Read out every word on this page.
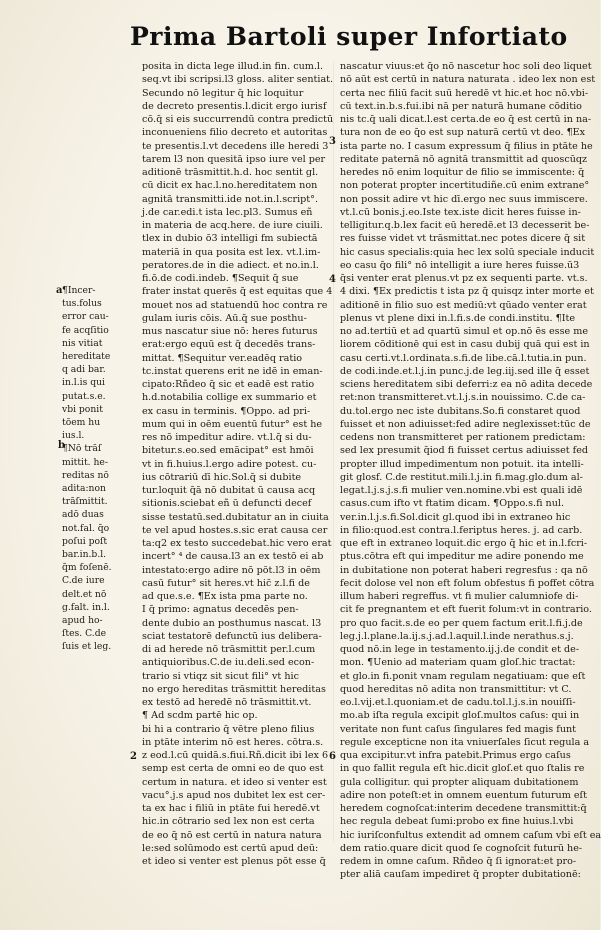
Prima Bartoli super Infortiato
posita in dicta lege illud.in fin. cum.l.
seq.vt ibi scripsi.l3 gloss. aliter sentiat.
Secundo nō legitur q̄ hic loquitur
de decreto presentis.l.dicit ergo iurisf
cō.q̄ si eis succurrendū contra predictū
inconueniens filio decreto et autoritas
te presentis.l.vt decedens ille heredi 3
tarem l3 non quesitā ipso iure vel per
aditionē trāsmittit.h.d. hoc sentit gl.
cū dicit ex hac.l.no.hereditatem non
agnitā transmitti.ide not.in.l.script°.
j.de car.edi.t ista lec.pl3. Sumus eñ
in materia de acq.here. de iure ciuili.
tlex in dubio ō3 intelligi fm subiectā
materiā in qua posita est lex. vt.l.im-
peratores.de in die adiect. et no.in.l.
fi.ō.de codi.indeb. ¶Sequit q̄ sue
frater instat querēs q̄ est equitas que 4
mouet nos ad statuendū hoc contra re
gulam iuris cōis. Aū.q̄ sue posthu-
mus nascatur siue nō: heres futurus
erat:ergo equū est q̄ decedēs trans-
mittat. ¶Sequitur ver.eadēq ratio
tc.instat querens erit ne idē in eman-
cipato:Rñdeo q̄ sic et eadē est ratio
h.d.notabilia collige ex summario et
ex casu in terminis. ¶Oppo. ad pri-
mum qui in oēm euentū futur° est he
res nō impeditur adire. vt.l.q̄ si du-
bitetur.s.eo.sed emācipat° est hmōi
vt in fi.huius.l.ergo adire potest. cu-
ius cōtrariū dī hic.Sol.q̄ si dubite
tur.loquit q̄ā nō dubitat ū causa acq
sitionis.sciebat eñ ū defuncti decef
sisse testatū.sed.dubitatur an in ciuita
te vel apud hostes.s.sic erat causa cer
ta:q2 ex testo succedebat.hic vero erat
incert° ⁴ de causa.l3 an ex testō ei ab
intestato:ergo adire nō pōt.l3 in oēm
casū futur° sit heres.vt hic̄ z.l.fi de
ad que.s.e. ¶Ex ista pma parte no.
I q̄ primo: agnatus decedēs pen-
dente dubio an posthumus nascat. l3
sciat testatorē defunctū ius delibera-
di ad herede nō trāsmittit per.l.cum
antiquioribus.C.de iu.deli.sed econ-
trario si vtiqz sit sicut fili° vt hic
no ergo hereditas trāsmittit hereditas
ex testō ad heredē nō trāsmittit.vt.
¶ Ad scdm partē hic op.
bi hi a contrario q̄ vētre pleno filius
in ptāte interim nō est heres. cōtra.s.
z eod.l.cū quidā.s.fiui.Rñ.dicit ibi lex 6
semp est certa de omni eo de quo est
certum in natura. et ideo si venter est
vacu°.j.s apud nos dubitet lex est cer-
ta ex hac i filiū in ptāte fui heredē.vt
hic.in cōtrario sed lex non est certa
de eo q̄ nō est certū in natura natura
le:sed solūmodo est certū apud deū:
et ideo si venter est plenus pōt esse q̄
nascatur viuus:et q̄o nō nascetur hoc soli deo liquet
nō aūt est certū in natura naturata . ideo lex non est
certa nec filiū facit suū heredē vt hic.et hoc nō.vbi-
cū text.in.b.s.fui.ibi nā per naturā humane cōditio
nis tc.q̄ uali dicat.l.est certa.de eo q̄ est certū in na-
tura non de eo q̄o est sup naturā certū vt deo. ¶Ex
ista parte no. I casum expressum q̄ filius in ptāte he
reditate paternā nō agnitā transmittit ad quoscūqz
heredes nō enim loquitur de filio se immiscente: q̄
non poterat propter incertitudiñe.cū enim extrane°
non possit adire vt hic dī.ergo nec suus immiscere.
vt.l.cū bonis.j.eo.Iste tex.iste dicit heres fuisse in-
telligitur.q.b.lex facit eū heredē.et l3 decesserit be-
res fuisse videt vt trāsmittat.nec potes dicere q̄ sit
hic casus specialis:quia hec lex solū speciale inducit
eo casu q̄o fili° nō intelligit a iure heres fuisse.ū3
q̄si venter erat plenus.vt pz ex sequenti parte. vt.s.
4 dixi. ¶Ex predictis t ista pz q̄ quisqz inter morte et
aditionē in filio suo est mediū:vt qūado venter erat
plenus vt plene dixi in.l.fi.s.de condi.institu. ¶Ite
no ad.tertiū et ad quartū simul et op.nō ēs esse me
liorem cōditionē qui est in casu dubij quā qui est in
casu certi.vt.l.ordinata.s.fi.de libe.cā.l.tutia.in pun.
de codi.inde.et.l.j.in punc.j.de leg.iij.sed ille q̄ esset
sciens hereditatem sibi deferri:z ea nō adita decede
ret:non transmitteret.vt.l.j.s.in nouissimo. C.de ca-
du.tol.ergo nec iste dubitans.So.fi constaret quod
fuisset et non adiuisset:fed adire neglexisset:tūc de
cedens non transmitteret per rationem predictam:
sed lex presumit q̄iod fi fuisset certus adiuisset fed
propter illud impedimentum non potuit. ita intelli-
git glosf. C.de restitut.mili.l.j.in fi.mag.glo.dum al-
legat.l.j.s.j.s.fi mulier ven.nomine.vbi est quali idē
casus.cum ifto vt ftatim dicam. ¶Oppo.s.fi nul.
ver.in.l.j.s.fi.Sol.dicit gl.quod ibi in extraneo hic
in filio:quod.est contra.l.feriptus heres. j. ad carb.
que eft in extraneo loquit.dic ergo q̄ hic et in.l.fcri-
ptus.cōtra eft qui impeditur me adire ponendo me
in dubitatione non poterat haberi regresfus : qa nō
fecit dolose vel non eft folum obfestus fi poffet cōtra
illum haberi regreffus. vt fi mulier calumniofe di-
cit fe pregnantem et eft fuerit folum:vt in contrario.
pro quo facit.s.de eo per quem factum erit.l.fi.j.de
leg.j.l.plane.la.ij.s.j.ad.l.aquil.l.inde nerathus.s.j.
quod nō.in lege in testamento.ij.j.de condit et de-
mon. ¶Uenio ad materiam quam gloſ.hic tractat:
et glo.in fi.ponit vnam regulam negatiuam: que eſt
quod hereditas nō adita non transmittitur: vt C.
eo.l.vij.et.l.quoniam.et de cadu.tol.l.j.s.in nouiſſi-
mo.ab iſta regula excipit gloſ.multos caſus: qui in
veritate non funt caſus ſingulares fed magis funt
regule excepticne non ita vniuerſales ſicut regula a
qua excipitur.vt infra patebit.Primus ergo caſus
in quo fallit regula eſt hic.dicit gloſ.et quo ſtalis re
gula colligitur. qui propter aliquam dubitationem
adire non poteſt:et in omnem euentum futurum eſt
heredem cognoſcat:interim decedene transmittit:q̄
hec regula debeat ſumi:probo ex fine huius.l.vbi
hic iuriſconfultus extendit ad omnem caſum vbi eſt ea
dem ratio.quare dicit quod ſe cognoſcit futurū he-
redem in omne caſum. Rñdeo q̄ ſi ignorat:et pro-
pter aliā cauſam impediret q̄ propter dubitationē:
¶Incer-
tus.folus
error cau-
fe acqſitio
nis vitiat
hereditate
q adi bar.
in.l.is qui
putat.s.e.
vbi ponit
tōem hu
ius.l.
¶Nō trāſ
mittit. he-
reditas nō
adita:non
trāſmittit.
adō duas
not.fal. q̄o
poſui poſt
bar.in.b.l.
q̄m foſenē.
C.de iure
delt.et nō
g.falt. in.l.
apud ho-
ſtes. C.de
ſuis et leg.
a
b
3
4
6
2
